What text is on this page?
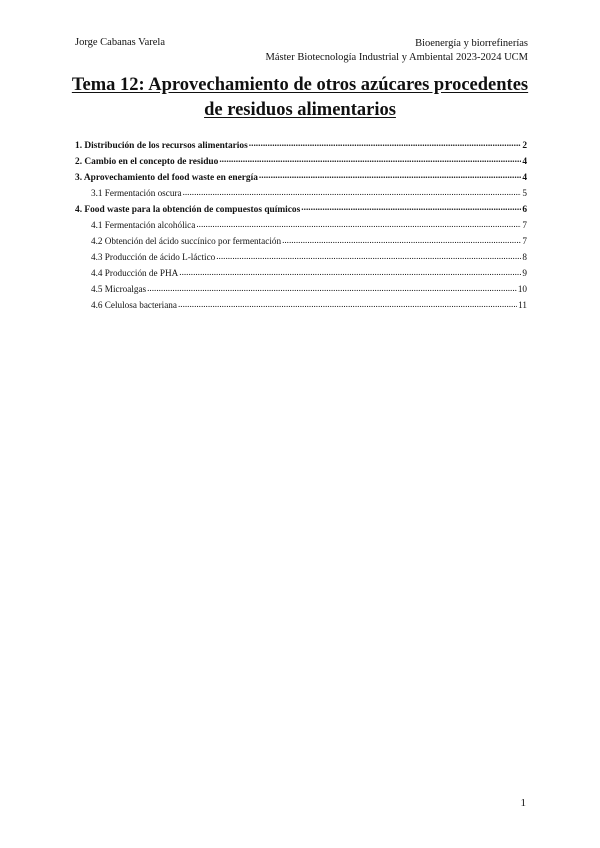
Jorge Cabanas Varela	Bioenergía y biorrefinerías
Máster Biotecnología Industrial y Ambiental 2023-2024 UCM
Tema 12: Aprovechamiento de otros azúcares procedentes
de residuos alimentarios
1. Distribución de los recursos alimentarios .....	2
2. Cambio en el concepto de residuo .....	4
3. Aprovechamiento del food waste en energía .....	4
3.1 Fermentación oscura .....	5
4. Food waste para la obtención de compuestos químicos .....	6
4.1 Fermentación alcohólica .....	7
4.2 Obtención del ácido succínico por fermentación .....	7
4.3 Producción de ácido L-láctico .....	8
4.4 Producción de PHA .....	9
4.5 Microalgas .....	10
4.6 Celulosa bacteriana .....	11
1
